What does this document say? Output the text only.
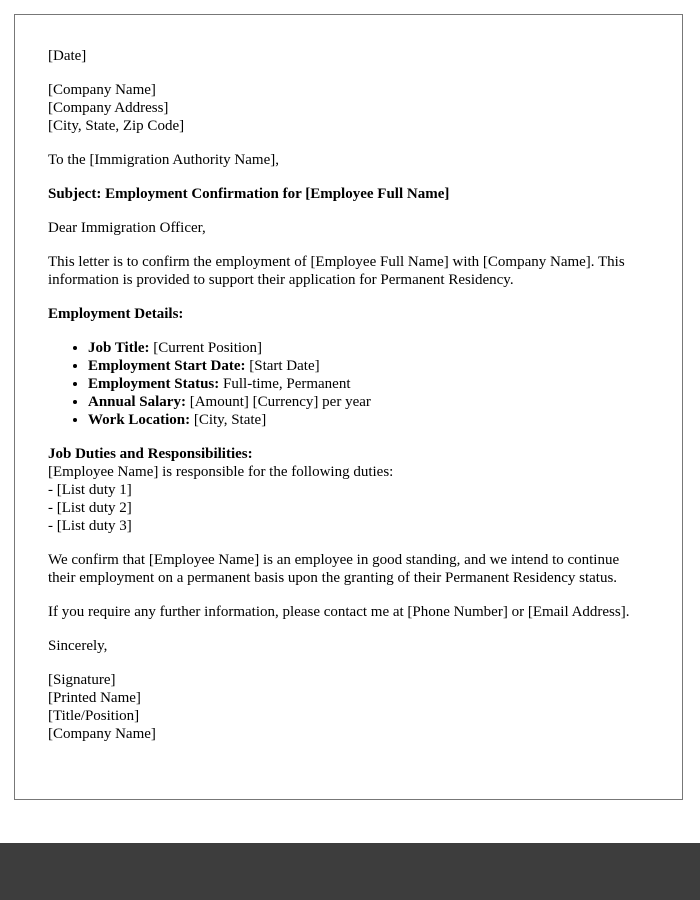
[Date]

[Company Name]
[Company Address]
[City, State, Zip Code]

To the [Immigration Authority Name],

Subject: Employment Confirmation for [Employee Full Name]

Dear Immigration Officer,

This letter is to confirm the employment of [Employee Full Name] with [Company Name]. This information is provided to support their application for Permanent Residency.

Employment Details:

• Job Title: [Current Position]
• Employment Start Date: [Start Date]
• Employment Status: Full-time, Permanent
• Annual Salary: [Amount] [Currency] per year
• Work Location: [City, State]

Job Duties and Responsibilities:
[Employee Name] is responsible for the following duties:
- [List duty 1]
- [List duty 2]
- [List duty 3]

We confirm that [Employee Name] is an employee in good standing, and we intend to continue their employment on a permanent basis upon the granting of their Permanent Residency status.

If you require any further information, please contact me at [Phone Number] or [Email Address].

Sincerely,

[Signature]
[Printed Name]
[Title/Position]
[Company Name]
